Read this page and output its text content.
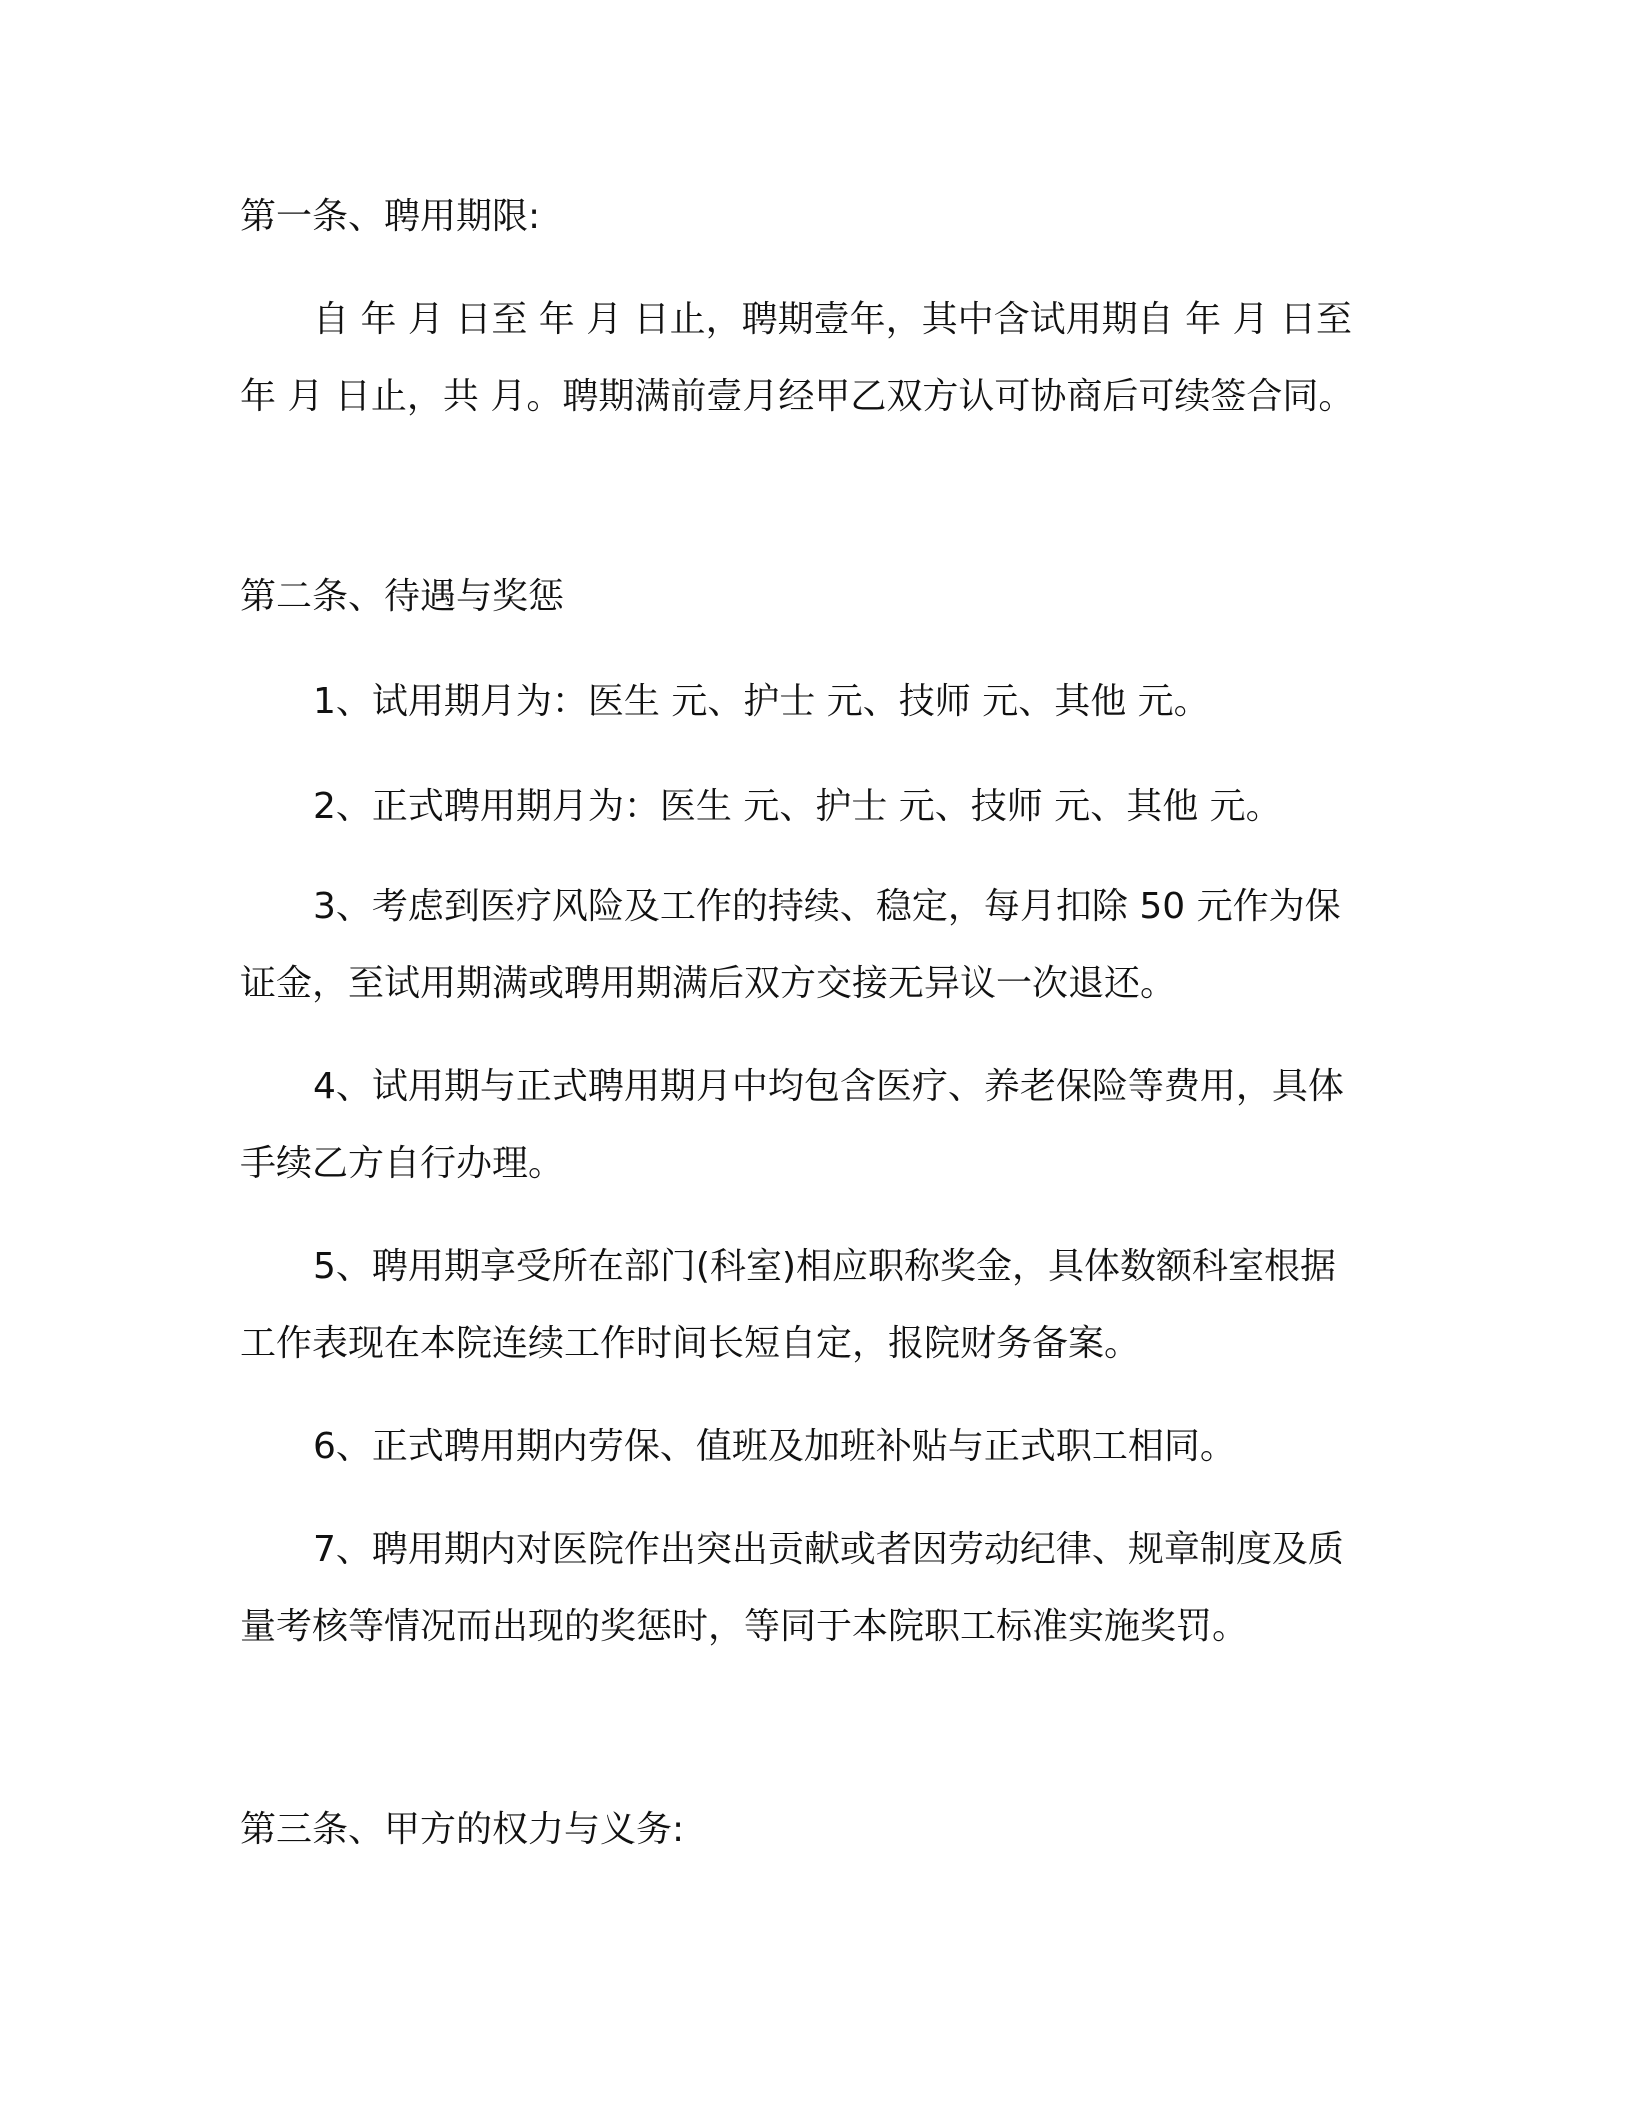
第一条、聘用期限:
自 年 月 日至 年 月 日止，聘期壹年，其中含试用期自 年 月 日至
年 月 日止，共 月。聘期满前壹月经甲乙双方认可协商后可续签合同。
第二条、待遇与奖惩
1、试用期月为：医生 元、护士 元、技师 元、其他 元。
2、正式聘用期月为：医生 元、护士 元、技师 元、其他 元。
3、考虑到医疗风险及工作的持续、稳定，每月扣除 50 元作为保
证金，至试用期满或聘用期满后双方交接无异议一次退还。
4、试用期与正式聘用期月中均包含医疗、养老保险等费用，具体
手续乙方自行办理。
5、聘用期享受所在部门(科室)相应职称奖金，具体数额科室根据
工作表现在本院连续工作时间长短自定，报院财务备案。
6、正式聘用期内劳保、值班及加班补贴与正式职工相同。
7、聘用期内对医院作出突出贡献或者因劳动纪律、规章制度及质
量考核等情况而出现的奖惩时，等同于本院职工标准实施奖罚。
第三条、甲方的权力与义务:
